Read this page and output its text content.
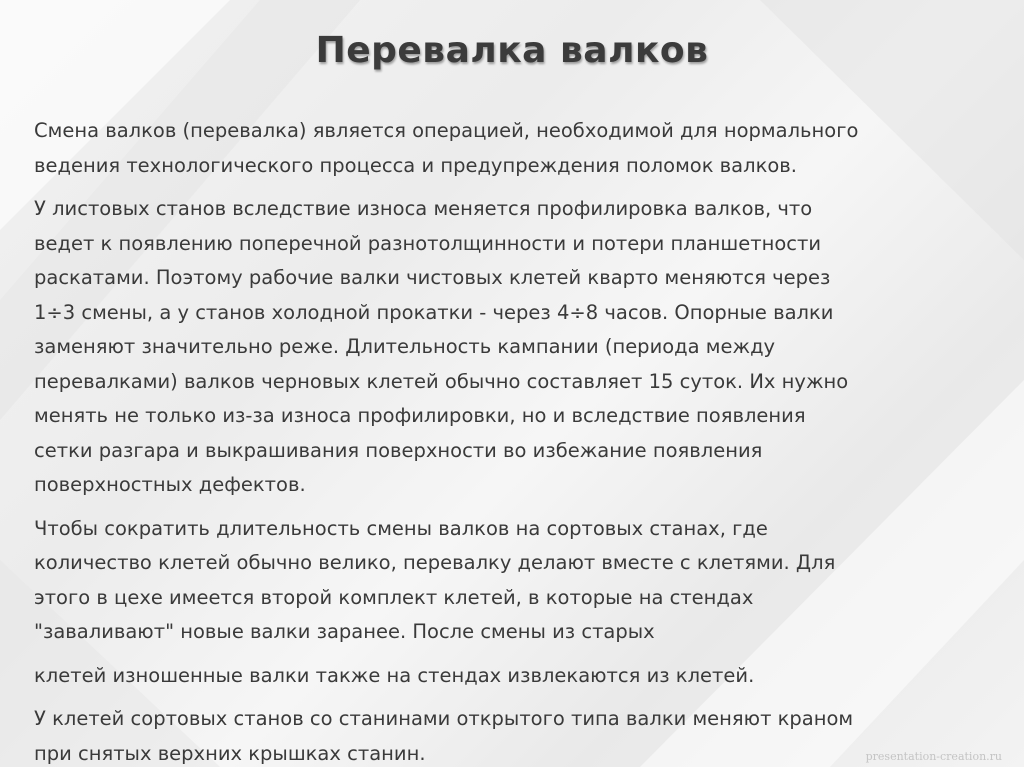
Перевалка валков
Смена валков (перевалка) является операцией, необходимой для нормального
ведения технологического процесса и предупреждения поломок валков.
У листовых станов вследствие износа меняется профилировка валков, что
ведет к появлению поперечной разнотолщинности и потери планшетности
раскатами. Поэтому рабочие валки чистовых клетей кварто меняются через
1÷3 смены, а у станов холодной прокатки - через 4÷8 часов. Опорные валки
заменяют значительно реже. Длительность кампании (периода между
перевалками) валков черновых клетей обычно составляет 15 суток. Их нужно
менять не только из-за износа профилировки, но и вследствие появления
сетки разгара и выкрашивания поверхности во избежание появления
поверхностных дефектов.
Чтобы сократить длительность смены валков на сортовых станах, где
количество клетей обычно велико, перевалку делают вместе с клетями. Для
этого в цехе имеется второй комплект клетей, в которые на стендах
"заваливают" новые валки заранее. После смены из старых
клетей изношенные валки также на стендах извлекаются из клетей.
У клетей сортовых станов со станинами открытого типа валки меняют краном
при снятых верхних крышках станин.	presentation-creation.ru
